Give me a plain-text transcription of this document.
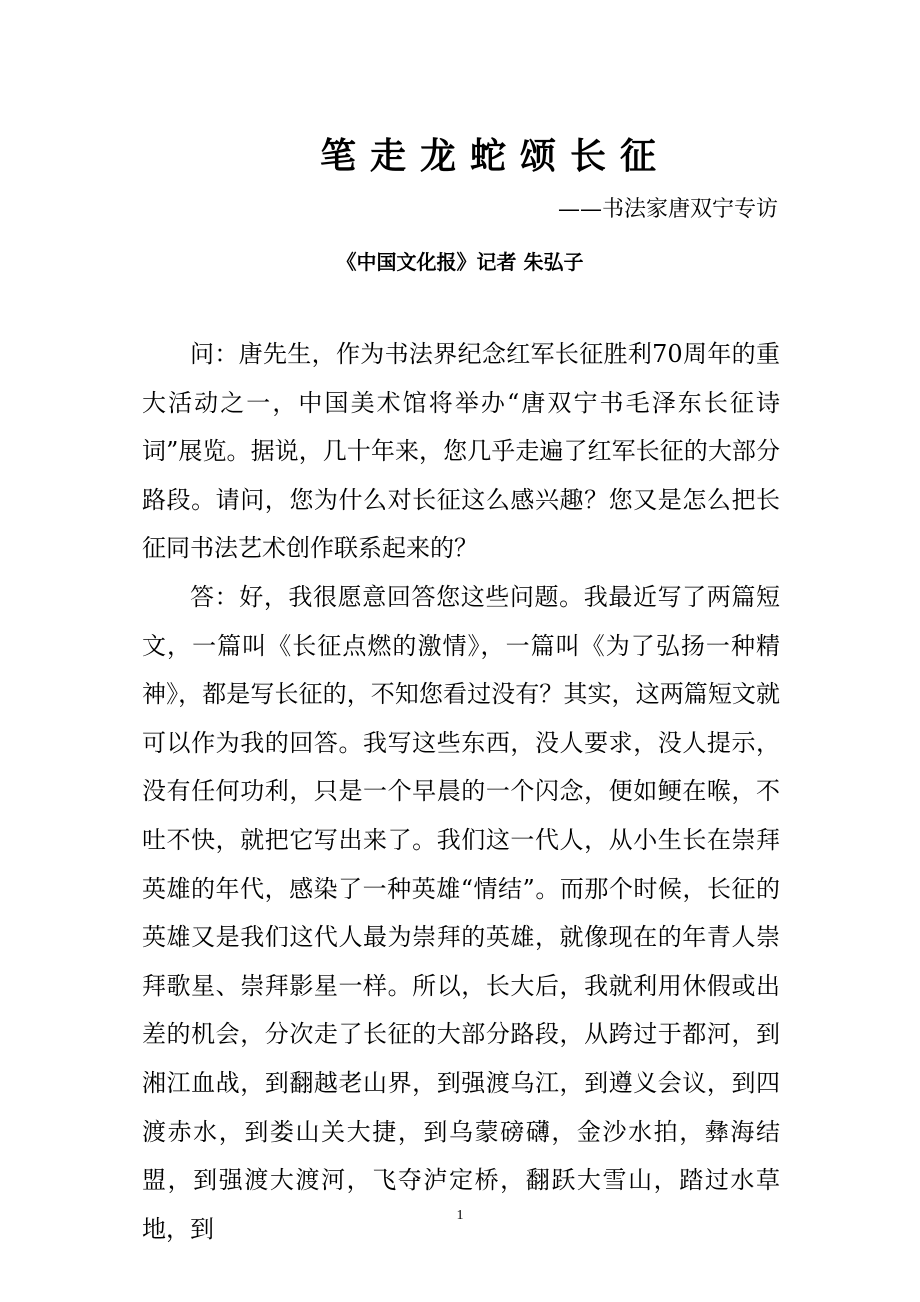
笔走龙蛇颂长征
——书法家唐双宁专访
《中国文化报》记者 朱弘子

问：唐先生，作为书法界纪念红军长征胜利70周年的重大活动之一，中国美术馆将举办“唐双宁书毛泽东长征诗词”展览。据说，几十年来，您几乎走遍了红军长征的大部分路段。请问，您为什么对长征这么感兴趣？您又是怎么把长征同书法艺术创作联系起来的？

答：好，我很愿意回答您这些问题。我最近写了两篇短文，一篇叫《长征点燃的激情》，一篇叫《为了弘扬一种精神》，都是写长征的，不知您看过没有？其实，这两篇短文就可以作为我的回答。我写这些东西，没人要求，没人提示，没有任何功利，只是一个早晨的一个闪念，便如鲠在喉，不吐不快，就把它写出来了。我们这一代人，从小生长在崇拜英雄的年代，感染了一种英雄“情结”。而那个时候，长征的英雄又是我们这代人最为崇拜的英雄，就像现在的年青人崇拜歌星、崇拜影星一样。所以，长大后，我就利用休假或出差的机会，分次走了长征的大部分路段，从跨过于都河，到湘江血战，到翻越老山界，到强渡乌江，到遵义会议，到四渡赤水，到娄山关大捷，到乌蒙磅礴，金沙水拍，彝海结盟，到强渡大渡河，飞夺泸定桥，翻跃大雪山，踏过水草地，到	1
